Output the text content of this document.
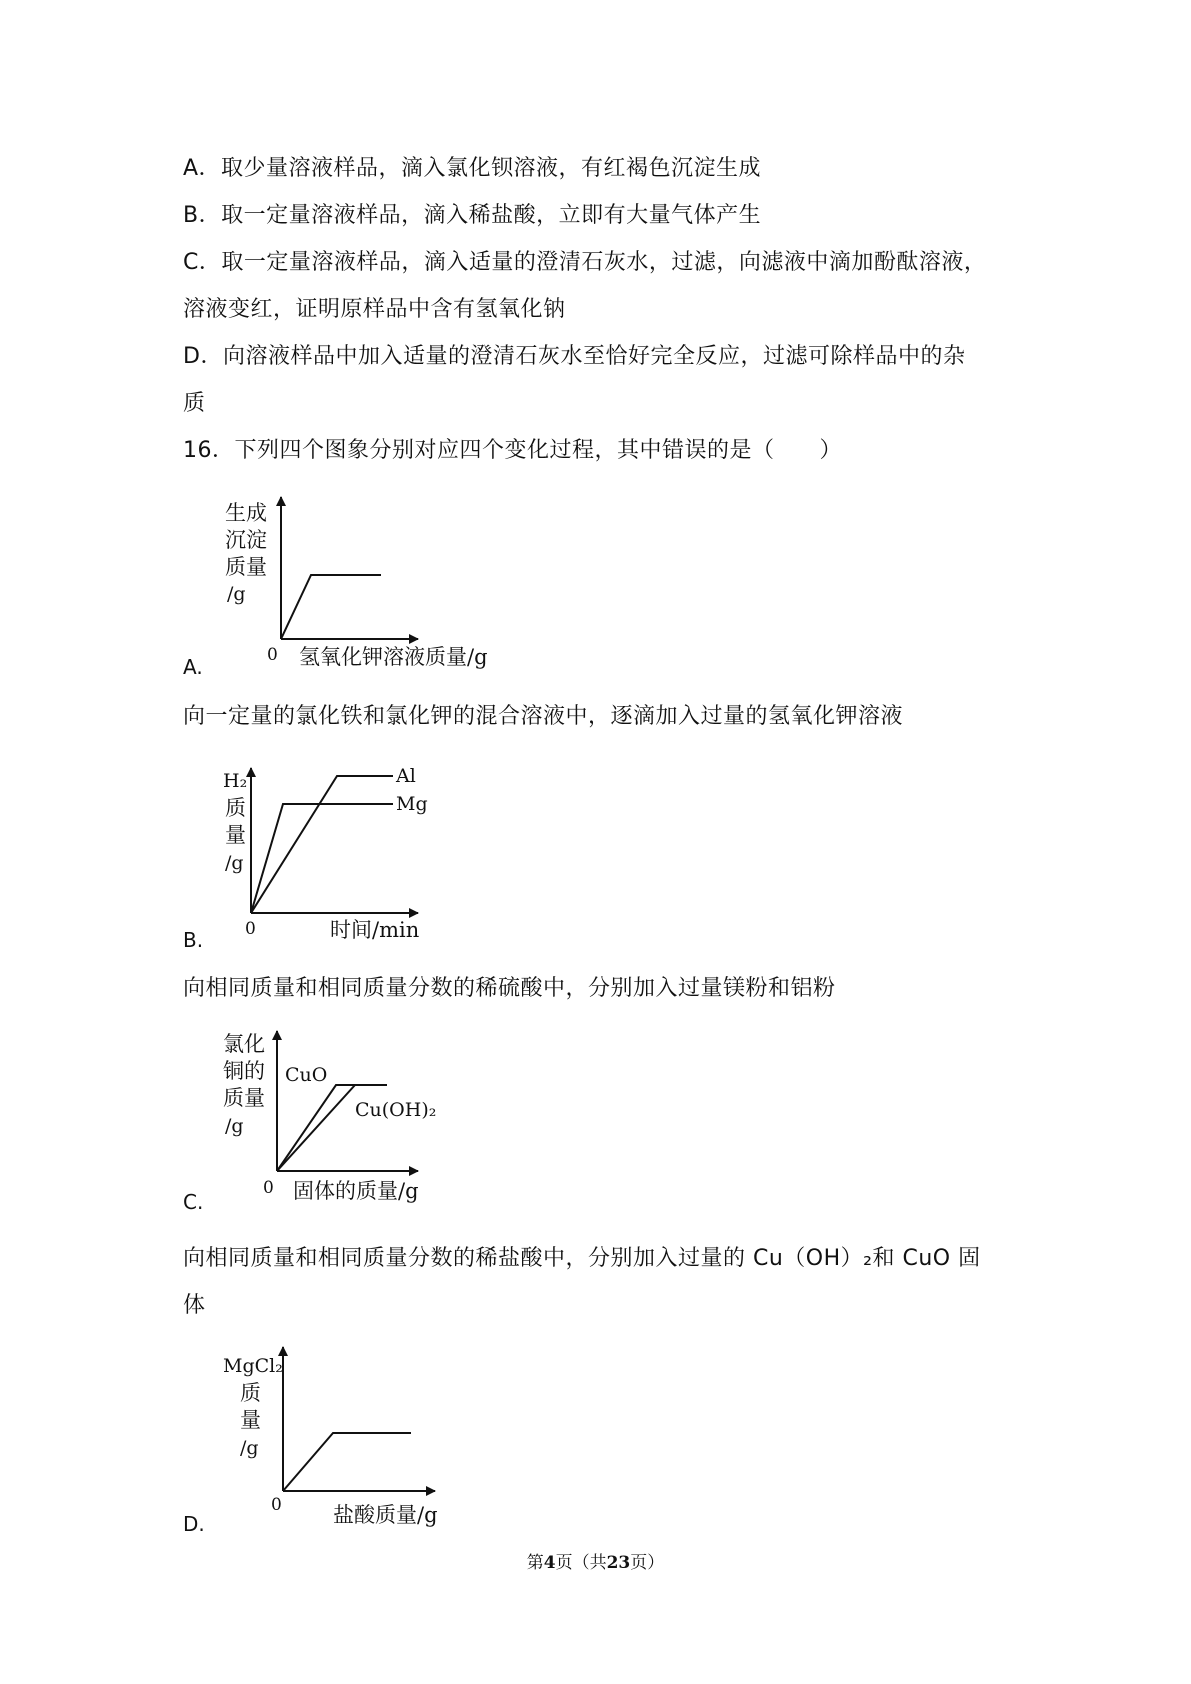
A．取少量溶液样品，滴入氯化钡溶液，有红褐色沉淀生成
B．取一定量溶液样品，滴入稀盐酸，立即有大量气体产生
C．取一定量溶液样品，滴入适量的澄清石灰水，过滤，向滤液中滴加酚酞溶液，
溶液变红，证明原样品中含有氢氧化钠
D．向溶液样品中加入适量的澄清石灰水至恰好完全反应，过滤可除样品中的杂
质
16．下列四个图象分别对应四个变化过程，其中错误的是（　　）
生成
沉淀
质量
/g
0 氢氧化钾溶液质量/g
A.
向一定量的氯化铁和氯化钾的混合溶液中，逐滴加入过量的氢氧化钾溶液
Al
Mg
H₂
质
量
/g
0	时间/min
B.
向相同质量和相同质量分数的稀硫酸中，分别加入过量镁粉和铝粉
CuO
Cu(OH)₂
氯化
铜的
质量
/g
0 固体的质量/g
C.
向相同质量和相同质量分数的稀盐酸中，分别加入过量的 Cu（OH）₂和 CuO 固
体
MgCl₂
质
量
/g
0 盐酸质量/g
D.
第4页（共23页）
